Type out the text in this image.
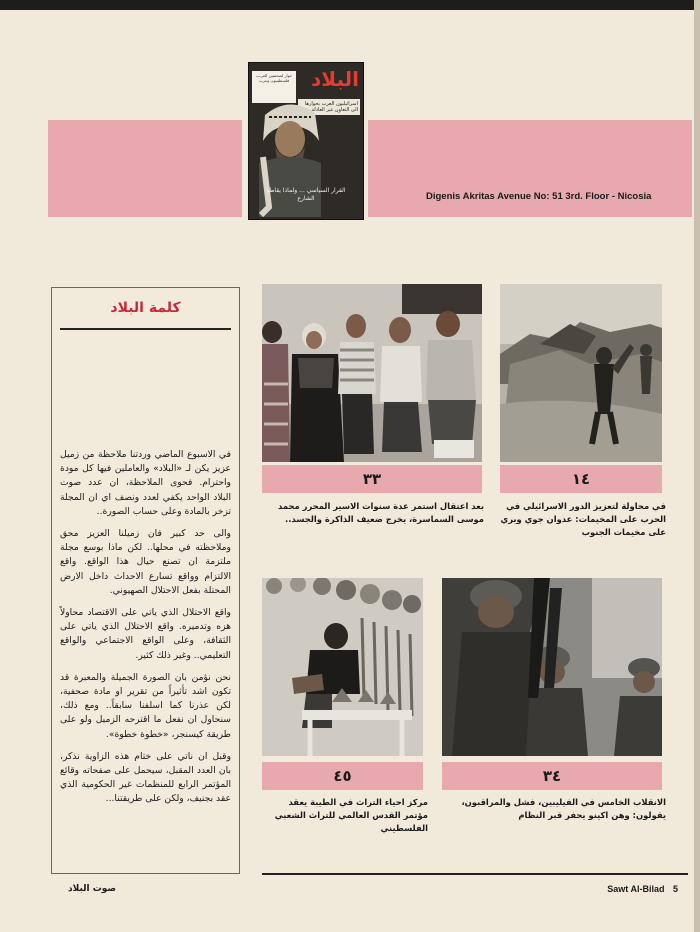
Digenis Akritas Avenue No: 51 3rd. Floor - Nicosia
البلاد
حوار لصحفيين العرب، فلسطينيون وعرب
اسرائيليون العرب بحوارها الى التعاون غير العادلة
القرار السياسي ... ولماذا يقاطع الشارع
كلمة البلاد

في الاسبوع الماضي وردتنا ملاحظة من زميل عزيز يكن لـ «البلاد» والعاملين فيها كل مودة واحترام. فحوى الملاحظة، ان عدد صوت البلاد الواحد يكفي لعدد ونصف اي ان المجلة تزخر بالمادة وعلى حساب الصورة..

والى حد كبير فان زميلنا العزيز محق وملاحظته في محلها.. لكن ماذا بوسع مجلة ملتزمة ان تصنع حيال هذا الواقع. واقع الالتزام وواقع تسارع الاحداث داخل الارض المحتلة بفعل الاحتلال الصهيوني.

واقع الاحتلال الذي ياتي على الاقتصاد محاولاً هزه وتدميره. واقع الاحتلال الذي ياتي على الثقافة، وعلى الواقع الاجتماعي والواقع التعليمي.. وغير ذلك كثير.

نحن نؤمن بان الصورة الجميلة والمعبرة قد تكون اشد تأثيراً من تقرير او مادة صحفية، لكن عذرنا كما اسلفنا سابقاً.. ومع ذلك، سنحاول ان نفعل ما اقترحه الزميل ولو على طريقة كيسنجر، «خطوة خطوة».

وقبل ان ناتي على ختام هذه الزاوية نذكر، بان العدد المقبل، سيحمل على صفحاته وقائع المؤتمر الرابع للمنظمات غير الحكومية الذي عقد بجنيف، ولكن على طريقتنا...

١٤
في محاولة لتعزيز الدور الاسرائيلي في الحرب على المخيمات: عدوان جوي وبري على مخيمات الجنوب
٣٣
بعد اعتقال استمر عدة سنوات الاسير المحرر محمد موسى السماسرة، يخرج ضعيف الذاكرة والجسد..
٣٤
الانقلاب الخامس في الفيليبين، فشل والمراقبون، يقولون: وهن اكينو يحفر قبر النظام
٤٥
مركز احياء التراث في الطيبة يعقد مؤتمر القدس العالمي للتراث الشعبي الفلسطيني
صوت البلاد	Sawt Al-Bilad 5
